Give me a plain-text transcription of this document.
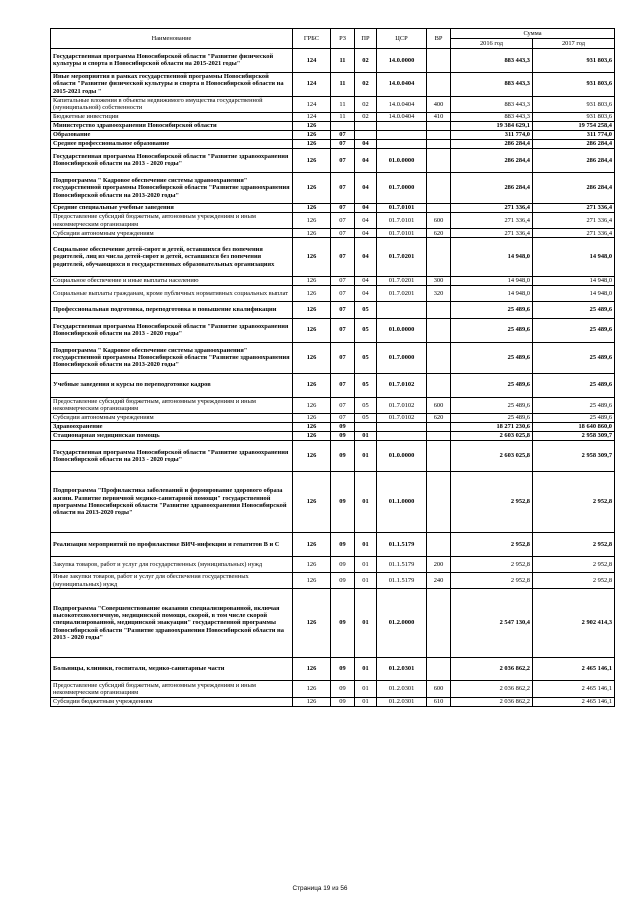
Наименование	ГРБС	РЗ	ПР	ЦСР	ВР	Сумма	
						2016 год	2017 год
Государственная программа Новосибирской области "Развитие физической культуры и спорта в Новосибирской области на 2015-2021 годы"	124	11	02	14.0.0000		883 443,3	931 803,6
Иные мероприятия в рамках государственной программы Новосибирской области "Развитие физической культуры и спорта в Новосибирской области на 2015-2021 годы "	124	11	02	14.0.0404		883 443,3	931 803,6
Капитальные вложения в объекты недвижимого имущества государственной (муниципальной) собственности	124	11	02	14.0.0404	400	883 443,3	931 803,6
Бюджетные инвестиции	124	11	02	14.0.0404	410	883 443,3	931 803,6
Министерство здравоохранения Новосибирской области	126					19 384 629,1	19 754 258,4
Образование	126	07				311 774,0	311 774,0
Среднее профессиональное образование	126	07	04			286 284,4	286 284,4
Государственная программа Новосибирской области "Развитие здравоохранения Новосибирской области на 2013 - 2020 годы"	126	07	04	01.0.0000		286 284,4	286 284,4
Подпрограмма " Кадровое обеспечение системы здравоохранения" государственной программы Новосибирской области "Развитие здравоохранения Новосибирской области на 2013-2020 годы"	126	07	04	01.7.0000		286 284,4	286 284,4
Средние специальные учебные заведения	126	07	04	01.7.0101		271 336,4	271 336,4
Предоставление субсидий бюджетным, автономным учреждениям и иным некоммерческим организациям	126	07	04	01.7.0101	600	271 336,4	271 336,4
Субсидии автономным учреждениям	126	07	04	01.7.0101	620	271 336,4	271 336,4
Социальное обеспечение детей-сирот и детей, оставшихся без попечения родителей, лиц из числа детей-сирот и детей, оставшихся без попечения родителей, обучающихся в государственных образовательных организациях	126	07	04	01.7.0201		14 948,0	14 948,0
Социальное обеспечение и иные выплаты населению	126	07	04	01.7.0201	300	14 948,0	14 948,0
Социальные выплаты гражданам, кроме публичных нормативных социальных выплат	126	07	04	01.7.0201	320	14 948,0	14 948,0
Профессиональная подготовка, переподготовка и повышение квалификации	126	07	05			25 489,6	25 489,6
Государственная программа Новосибирской области "Развитие здравоохранения Новосибирской области на 2013 - 2020 годы"	126	07	05	01.0.0000		25 489,6	25 489,6
Подпрограмма " Кадровое обеспечение системы здравоохранения" государственной программы Новосибирской области "Развитие здравоохранения Новосибирской области на 2013-2020 годы"	126	07	05	01.7.0000		25 489,6	25 489,6
Учебные заведения и курсы по переподготовке кадров	126	07	05	01.7.0102		25 489,6	25 489,6
Предоставление субсидий бюджетным, автономным учреждениям и иным некоммерческим организациям	126	07	05	01.7.0102	600	25 489,6	25 489,6
Субсидии автономным учреждениям	126	07	05	01.7.0102	620	25 489,6	25 489,6
Здравоохранение	126	09				18 271 230,6	18 640 860,0
Стационарная медицинская помощь	126	09	01			2 603 025,8	2 958 309,7
Государственная программа Новосибирской области "Развитие здравоохранения Новосибирской области на 2013 - 2020 годы"	126	09	01	01.0.0000		2 603 025,8	2 958 309,7
Подпрограмма "Профилактика заболеваний и формирование здорового образа жизни. Развитие первичной медико-санитарной помощи" государственной программы Новосибирской области "Развитие здравоохранения Новосибирской области на 2013-2020 годы"	126	09	01	01.1.0000		2 952,8	2 952,8
Реализация мероприятий по профилактике ВИЧ-инфекции и гепатитов В и С	126	09	01	01.1.5179		2 952,8	2 952,8
Закупка товаров, работ и услуг для государственных (муниципальных) нужд	126	09	01	01.1.5179	200	2 952,8	2 952,8
Иные закупки товаров, работ и услуг для обеспечения государственных (муниципальных) нужд	126	09	01	01.1.5179	240	2 952,8	2 952,8
Подпрограмма "Совершенствование оказания специализированной, включая высокотехнологичную, медицинской помощи, скорой, в том числе скорой специализированной, медицинской эвакуации" государственной программы Новосибирской области "Развитие здравоохранения Новосибирской области на 2013 - 2020 годы"	126	09	01	01.2.0000		2 547 130,4	2 902 414,3
Больницы, клиники, госпитали, медико-санитарные части	126	09	01	01.2.0301		2 036 862,2	2 465 146,1
Предоставление субсидий бюджетным, автономным учреждениям и иным некоммерческим организациям	126	09	01	01.2.0301	600	2 036 862,2	2 465 146,1
Субсидии бюджетным учреждениям	126	09	01	01.2.0301	610	2 036 862,2	2 465 146,1
Страница 19 из 56
